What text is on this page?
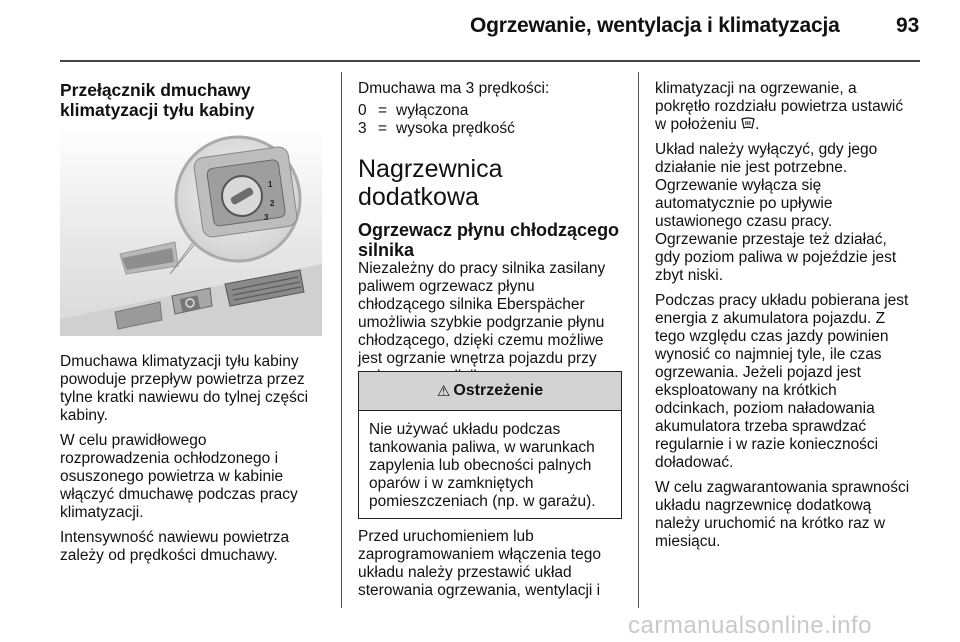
Ogrzewanie, wentylacja i klimatyzacja	93
Przełącznik dmuchawy
klimatyzacji tyłu kabiny
1
2
3

Dmuchawa klimatyzacji tyłu kabiny
powoduje przepływ powietrza przez
tylne kratki nawiewu do tylnej części
kabiny.

W celu prawidłowego
rozprowadzenia ochłodzonego i
osuszonego powietrza w kabinie
włączyć dmuchawę podczas pracy
klimatyzacji.

Intensywność nawiewu powietrza
zależy od prędkości dmuchawy.

Dmuchawa ma 3 prędkości:
0 = wyłączona
3 = wysoka prędkość
Nagrzewnica dodatkowa
Ogrzewacz płynu chłodzącego
silnika

Niezależny do pracy silnika zasilany
paliwem ogrzewacz płynu
chłodzącego silnika Eberspächer
umożliwia szybkie podgrzanie płynu
chłodzącego, dzięki czemu możliwe
jest ogrzanie wnętrza pojazdu przy

⚠ Ostrzeżenie
Nie używać układu podczas
tankowania paliwa, w warunkach
zapylenia lub obecności palnych
oparów i w zamkniętych
pomieszczeniach (np. w garażu).

Przed uruchomieniem lub
zaprogramowaniem włączenia tego
układu należy przestawić układ
sterowania ogrzewania, wentylacji i

klimatyzacji na ogrzewanie, a
pokrętło rozdziału powietrza ustawić
w położeniu .

Układ należy wyłączyć, gdy jego
działanie nie jest potrzebne.
Ogrzewanie wyłącza się
automatycznie po upływie
ustawionego czasu pracy.
Ogrzewanie przestaje też działać,
gdy poziom paliwa w pojeździe jest
zbyt niski.

Podczas pracy układu pobierana jest
energia z akumulatora pojazdu. Z
tego względu czas jazdy powinien
wynosić co najmniej tyle, ile czas
ogrzewania. Jeżeli pojazd jest
eksploatowany na krótkich
odcinkach, poziom naładowania
akumulatora trzeba sprawdzać
regularnie i w razie konieczności
doładować.

W celu zagwarantowania sprawności
układu nagrzewnicę dodatkową
należy uruchomić na krótko raz w
miesiącu.

carmanualsonline.info
